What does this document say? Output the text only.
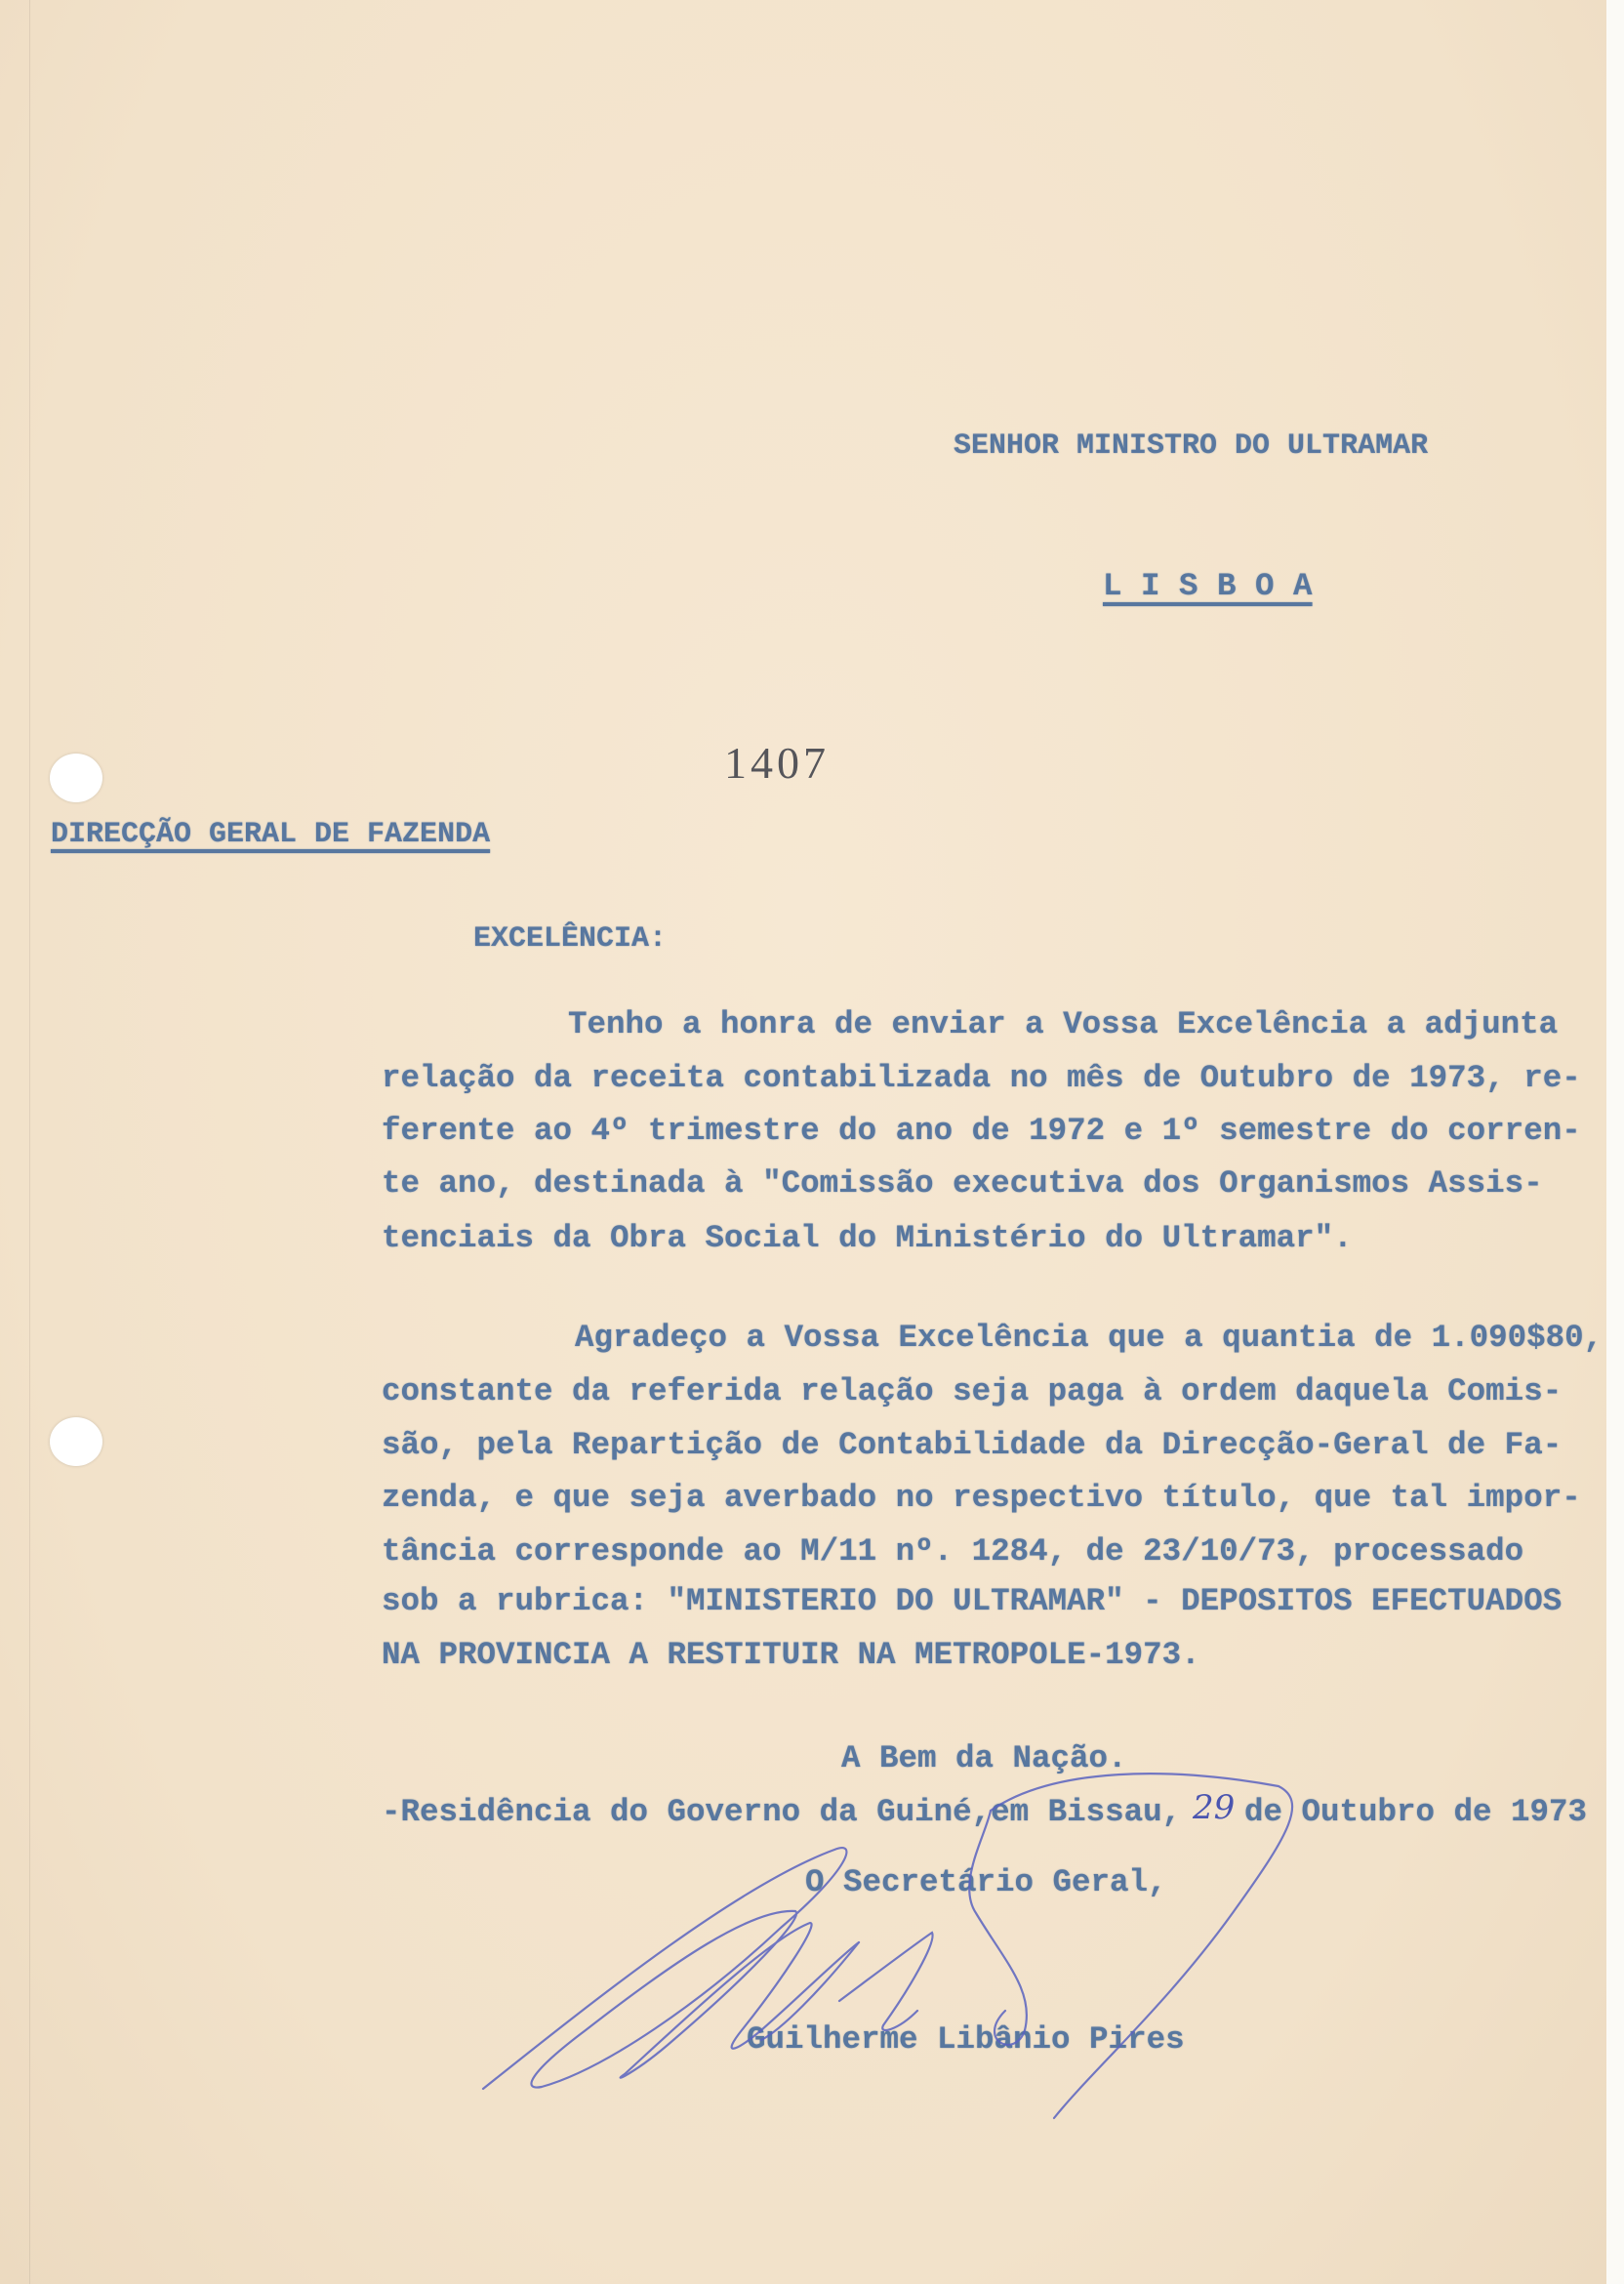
SENHOR MINISTRO DO ULTRAMAR
L I S B O A
1407
DIRECÇÃO GERAL DE FAZENDA
EXCELÊNCIA:
Tenho a honra de enviar a Vossa Excelência a adjunta
relação da receita contabilizada no mês de Outubro de 1973, re-
ferente ao 4º trimestre do ano de 1972 e 1º semestre do corren-
te ano, destinada à "Comissão executiva dos Organismos Assis-
tenciais da Obra Social do Ministério do Ultramar".
Agradeço a Vossa Excelência que a quantia de 1.090$80,
constante da referida relação seja paga à ordem daquela Comis-
são, pela Repartição de Contabilidade da Direcção-Geral de Fa-
zenda, e que seja averbado no respectivo título, que tal impor-
tância corresponde ao M/11 nº. 1284, de 23/10/73, processado
sob a rubrica: "MINISTERIO DO ULTRAMAR" - DEPOSITOS EFECTUADOS
NA PROVINCIA A RESTITUIR NA METROPOLE-1973.
A Bem da Nação.
-Residência do Governo da Guiné,em Bissau, 29 de Outubro de 1973
O Secretário Geral,
Guilherme Libânio Pires
